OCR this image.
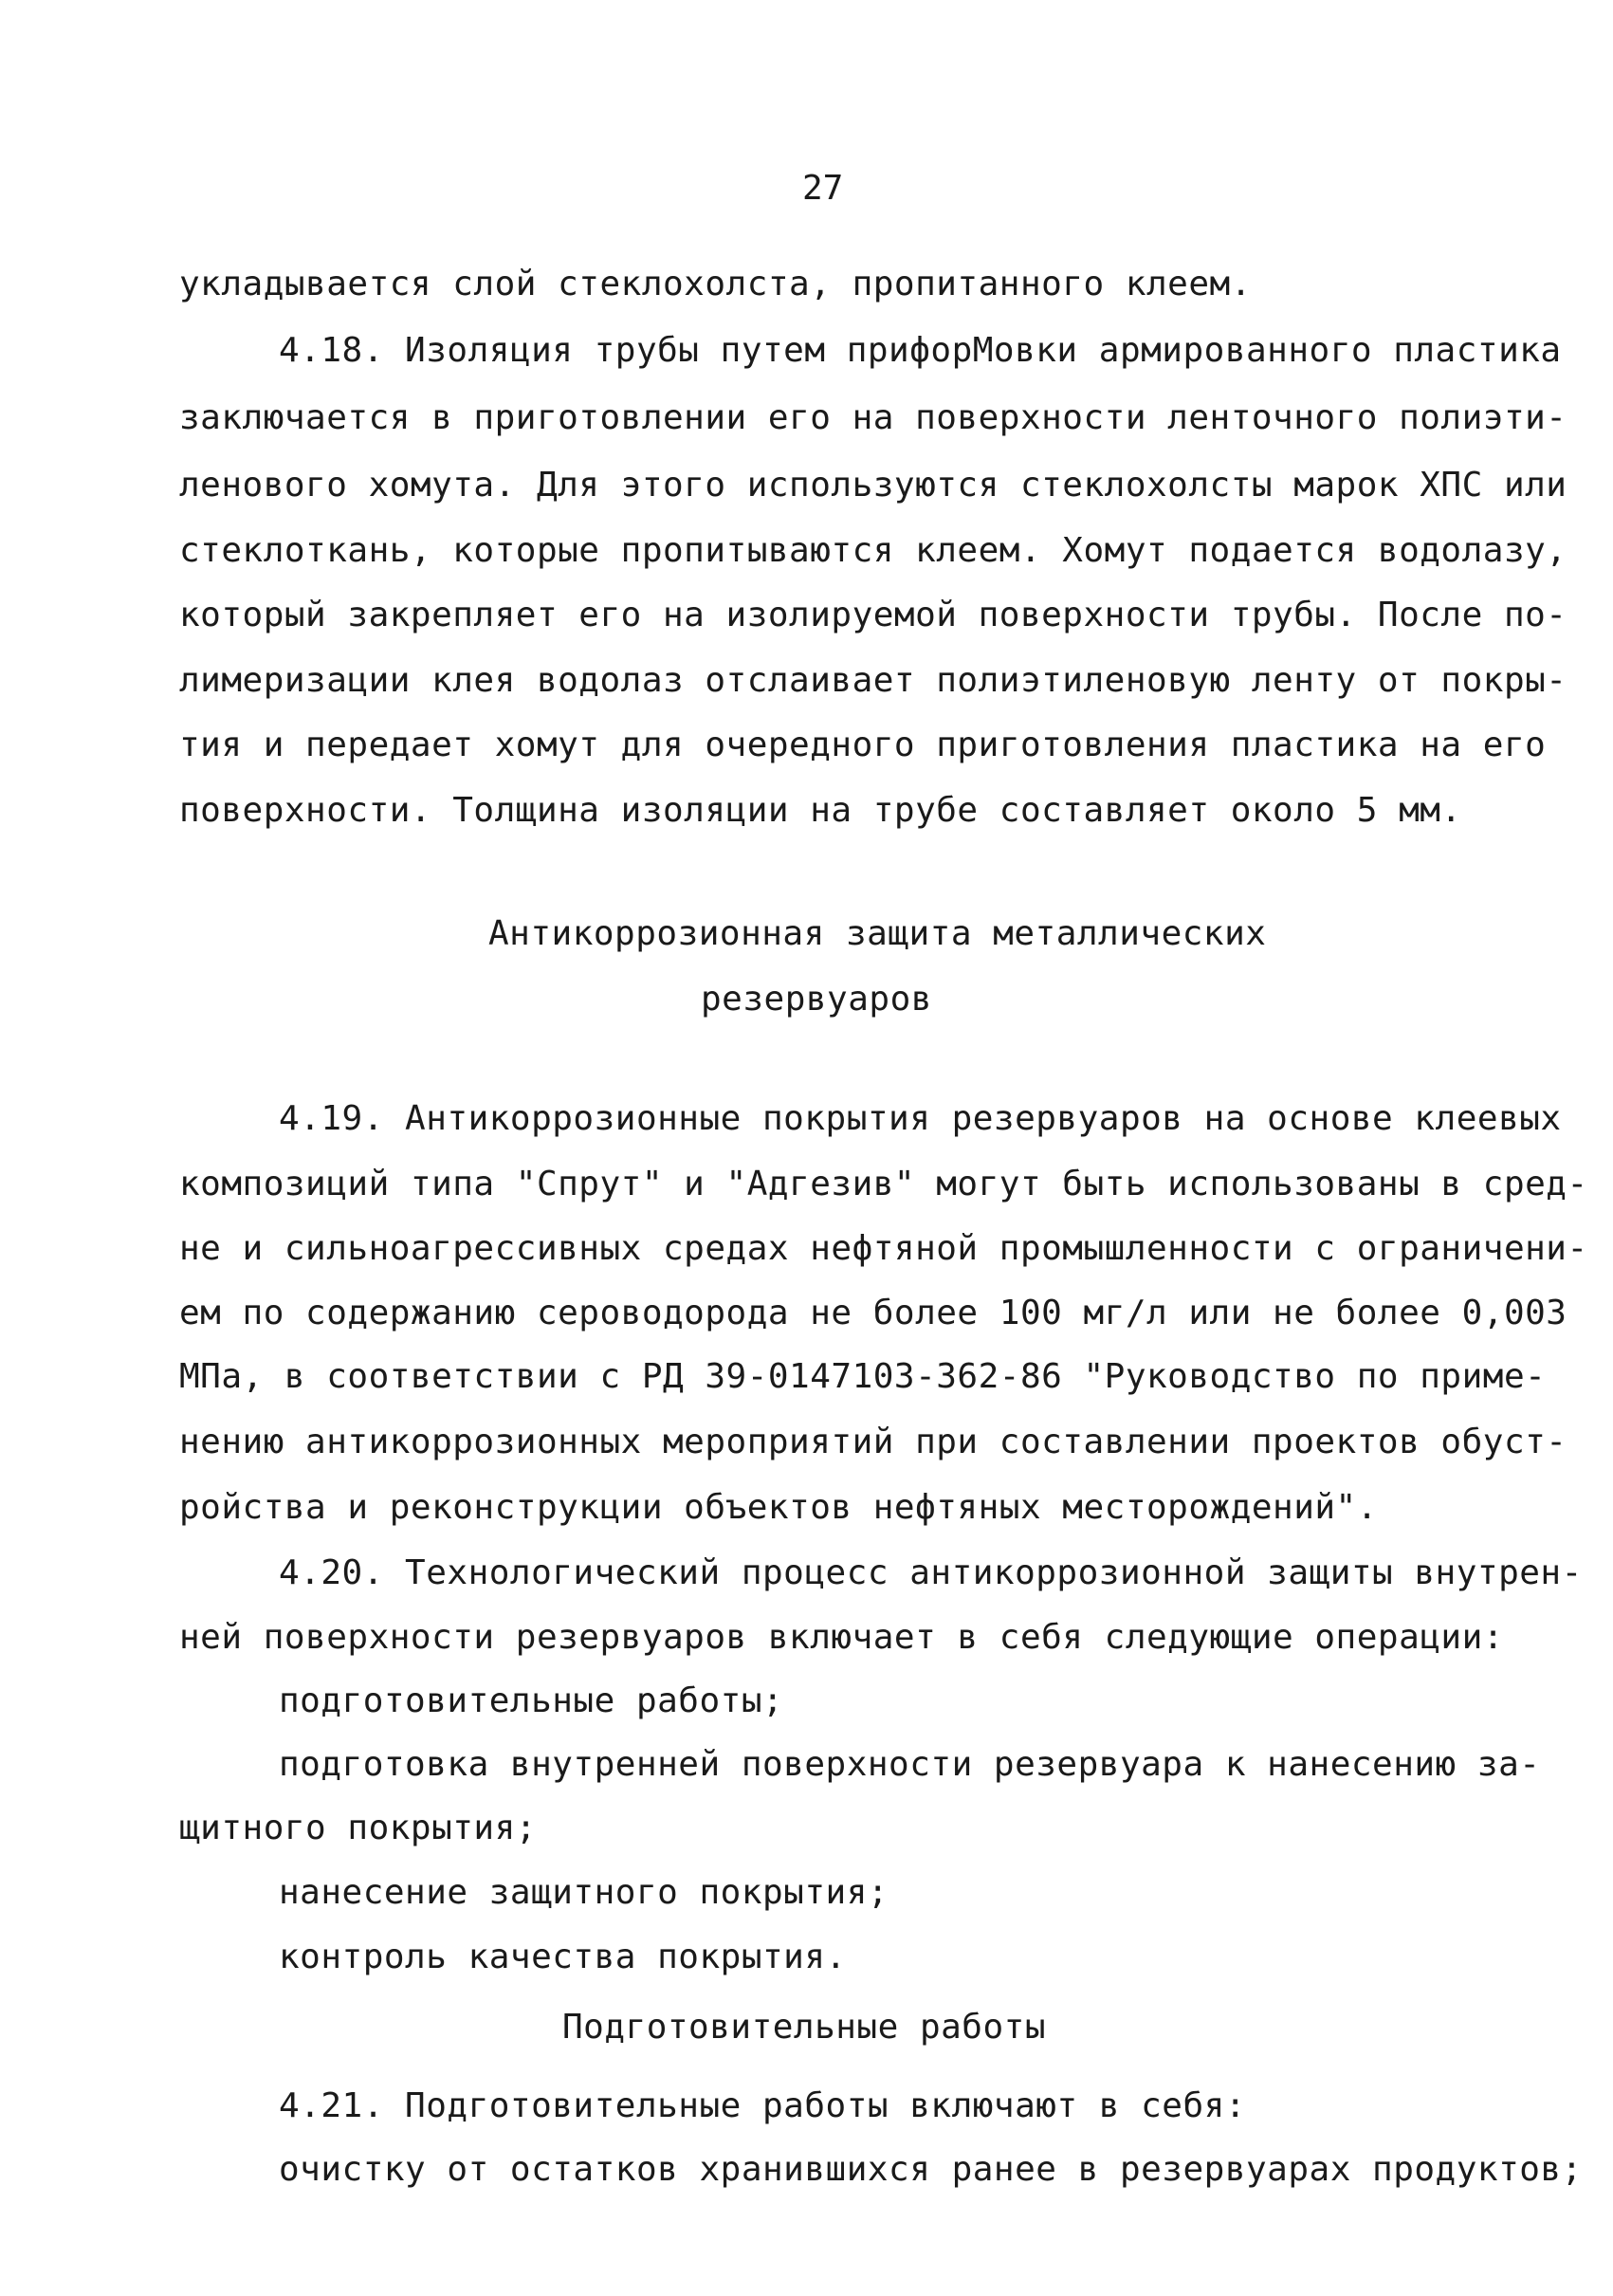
27
укладывается слой стеклохолста, пропитанного клеем.
4.18. Изоляция трубы путем прифорМовки армированного пластика
заключается в приготовлении его на поверхности ленточного полиэти-
ленового хомута. Для этого используются стеклохолсты марок ХПС или
стеклоткань, которые пропитываются клеем. Хомут подается водолазу,
который закрепляет его на изолируемой поверхности трубы. После по-
лимеризации клея водолаз отслаивает полиэтиленовую ленту от покры-
тия и передает хомут для очередного приготовления пластика на его
поверхности. Толщина изоляции на трубе составляет около 5 мм.
Антикоррозионная защита металлических
резервуаров
4.19. Антикоррозионные покрытия резервуаров на основе клеевых
композиций типа "Спрут" и "Адгезив" могут быть использованы в сред-
не и сильноагрессивных средах нефтяной промышленности с ограничени-
ем по содержанию сероводорода не более 100 мг/л или не более 0,003
МПа, в соответствии с РД 39-0147103-362-86 "Руководство по приме-
нению антикоррозионных мероприятий при составлении проектов обуст-
ройства и реконструкции объектов нефтяных месторождений".
4.20. Технологический процесс антикоррозионной защиты внутрен-
ней поверхности резервуаров включает в себя следующие операции:
подготовительные работы;
подготовка внутренней поверхности резервуара к нанесению за-
щитного покрытия;
нанесение защитного покрытия;
контроль качества покрытия.
Подготовительные работы
4.21. Подготовительные работы включают в себя:
очистку от остатков хранившихся ранее в резервуарах продуктов;
